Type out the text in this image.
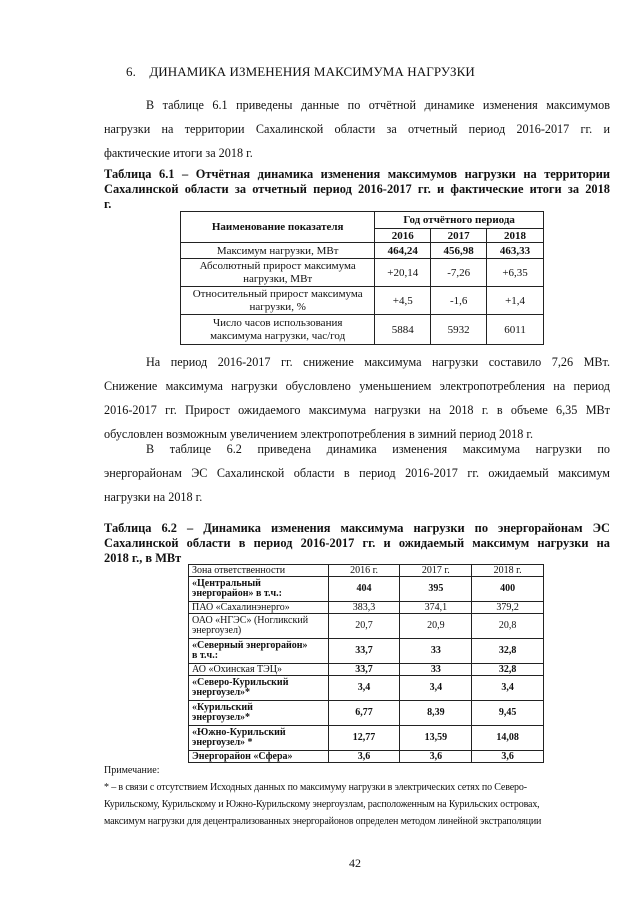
6. ДИНАМИКА ИЗМЕНЕНИЯ МАКСИМУМА НАГРУЗКИ
В таблице 6.1 приведены данные по отчётной динамике изменения максимумов
нагрузки на территории Сахалинской области за отчетный период 2016-2017 гг. и
фактические итоги за 2018 г.
Таблица 6.1 – Отчётная динамика изменения максимумов нагрузки на территории
Сахалинской области за отчетный период 2016-2017 гг. и фактические итоги за 2018
г.
Наименование показателя	Год отчётного периода		
	2016	2017	2018
Максимум нагрузки, МВт	464,24	456,98	463,33
Абсолютный прирост максимума
нагрузки, МВт	+20,14	-7,26	+6,35
Относительный прирост максимума
нагрузки, %	+4,5	-1,6	+1,4
Число часов использования
максимума нагрузки, час/год	5884	5932	6011
На период 2016-2017 гг. снижение максимума нагрузки составило 7,26 МВт.
Снижение максимума нагрузки обусловлено уменьшением электропотребления на период
2016-2017 гг. Прирост ожидаемого максимума нагрузки на 2018 г. в объеме 6,35 МВт
обусловлен возможным увеличением электропотребления в зимний период 2018 г.
В таблице 6.2 приведена динамика изменения максимума нагрузки по
энергорайонам ЭС Сахалинской области в период 2016-2017 гг. ожидаемый максимум
нагрузки на 2018 г.
Таблица 6.2 – Динамика изменения максимума нагрузки по энергорайонам ЭС
Сахалинской области в период 2016-2017 гг. и ожидаемый максимум нагрузки на
2018 г., в МВт
Зона ответственности	2016 г.	2017 г.	2018 г.
«Центральный
энергорайон» в т.ч.:	404	395	400
ПАО «Сахалинэнерго»	383,3	374,1	379,2
ОАО «НГЭС» (Ногликский
энергоузел)	20,7	20,9	20,8
«Северный энергорайон»
в т.ч.:	33,7	33	32,8
АО «Охинская ТЭЦ»	33,7	33	32,8
«Северо-Курильский
энергоузел»*	3,4	3,4	3,4
«Курильский
энергоузел»*	6,77	8,39	9,45
«Южно-Курильский
энергоузел» *	12,77	13,59	14,08
Энергорайон «Сфера»	3,6	3,6	3,6
Примечание:
* – в связи с отсутствием Исходных данных по максимуму нагрузки в электрических сетях по Северо-
Курильскому, Курильскому и Южно-Курильскому энергоузлам, расположенным на Курильских островах,
максимум нагрузки для децентрализованных энергорайонов определен методом линейной экстраполяции
42
